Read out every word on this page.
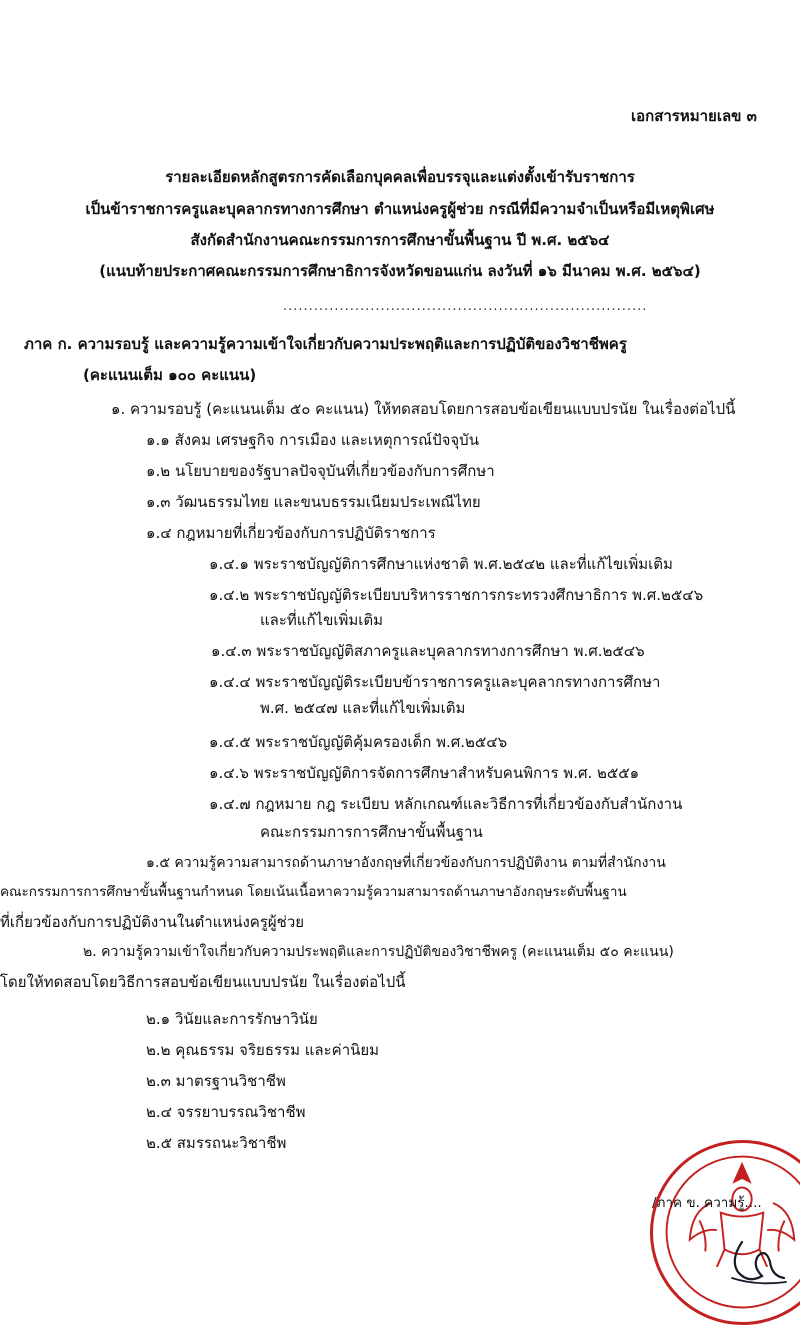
เอกสารหมายเลข ๓
รายละเอียดหลักสูตรการคัดเลือกบุคคลเพื่อบรรจุและแต่งตั้งเข้ารับราชการ
เป็นข้าราชการครูและบุคลากรทางการศึกษา ตำแหน่งครูผู้ช่วย กรณีที่มีความจำเป็นหรือมีเหตุพิเศษ
สังกัดสำนักงานคณะกรรมการการศึกษาขั้นพื้นฐาน ปี พ.ศ. ๒๕๖๔
(แนบท้ายประกาศคณะกรรมการศึกษาธิการจังหวัดขอนแก่น ลงวันที่ ๑๖ มีนาคม พ.ศ. ๒๕๖๔)
.......................................................................
ภาค ก. ความรอบรู้ และความรู้ความเข้าใจเกี่ยวกับความประพฤติและการปฏิบัติของวิชาชีพครู
(คะแนนเต็ม ๑๐๐ คะแนน)
๑. ความรอบรู้ (คะแนนเต็ม ๕๐ คะแนน) ให้ทดสอบโดยการสอบข้อเขียนแบบปรนัย ในเรื่องต่อไปนี้
๑.๑ สังคม เศรษฐกิจ การเมือง และเหตุการณ์ปัจจุบัน
๑.๒ นโยบายของรัฐบาลปัจจุบันที่เกี่ยวข้องกับการศึกษา
๑.๓ วัฒนธรรมไทย และขนบธรรมเนียมประเพณีไทย
๑.๔ กฎหมายที่เกี่ยวข้องกับการปฏิบัติราชการ
๑.๔.๑ พระราชบัญญัติการศึกษาแห่งชาติ พ.ศ.๒๕๔๒ และที่แก้ไขเพิ่มเติม
๑.๔.๒ พระราชบัญญัติระเบียบบริหารราชการกระทรวงศึกษาธิการ พ.ศ.๒๕๔๖
และที่แก้ไขเพิ่มเติม
๑.๔.๓ พระราชบัญญัติสภาครูและบุคลากรทางการศึกษา พ.ศ.๒๕๔๖
๑.๔.๔ พระราชบัญญัติระเบียบข้าราชการครูและบุคลากรทางการศึกษา
พ.ศ. ๒๕๔๗ และที่แก้ไขเพิ่มเติม
๑.๔.๕ พระราชบัญญัติคุ้มครองเด็ก พ.ศ.๒๕๔๖
๑.๔.๖ พระราชบัญญัติการจัดการศึกษาสำหรับคนพิการ พ.ศ. ๒๕๕๑
๑.๔.๗ กฎหมาย กฎ ระเบียบ หลักเกณฑ์และวิธีการที่เกี่ยวข้องกับสำนักงาน
คณะกรรมการการศึกษาขั้นพื้นฐาน
๑.๕ ความรู้ความสามารถด้านภาษาอังกฤษที่เกี่ยวข้องกับการปฏิบัติงาน ตามที่สำนักงาน
คณะกรรมการการศึกษาขั้นพื้นฐานกำหนด โดยเน้นเนื้อหาความรู้ความสามารถด้านภาษาอังกฤษระดับพื้นฐาน
ที่เกี่ยวข้องกับการปฏิบัติงานในตำแหน่งครูผู้ช่วย
๒. ความรู้ความเข้าใจเกี่ยวกับความประพฤติและการปฏิบัติของวิชาชีพครู (คะแนนเต็ม ๕๐ คะแนน)
โดยให้ทดสอบโดยวิธีการสอบข้อเขียนแบบปรนัย ในเรื่องต่อไปนี้
๒.๑ วินัยและการรักษาวินัย
๒.๒ คุณธรรม จริยธรรม และค่านิยม
๒.๓ มาตรฐานวิชาชีพ
๒.๔ จรรยาบรรณวิชาชีพ
๒.๕ สมรรถนะวิชาชีพ
/ภาค ข. ความรู้....
